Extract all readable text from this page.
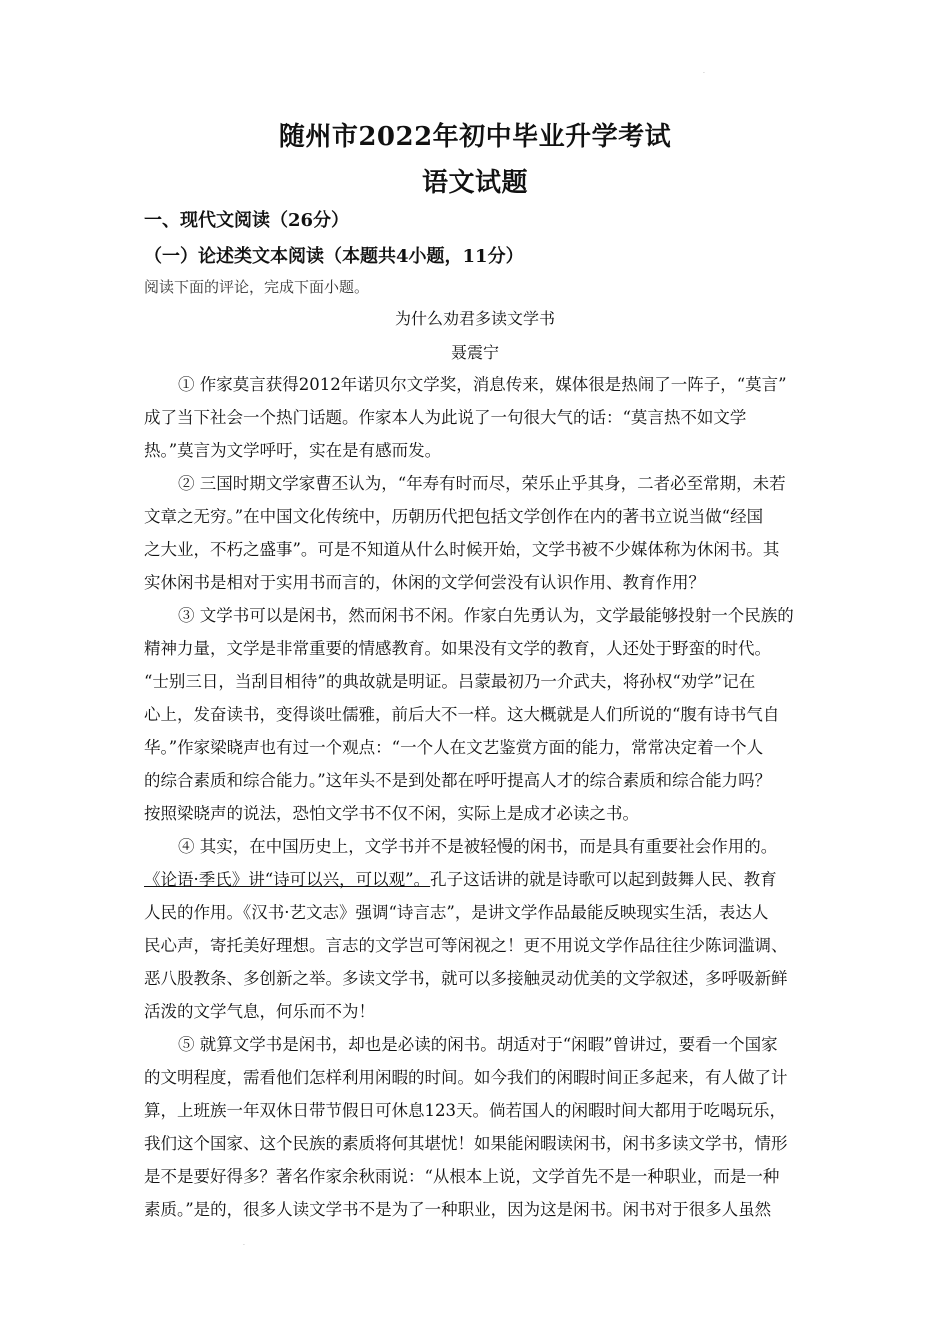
.
随州市2022年初中毕业升学考试
语文试题
一、现代文阅读（26分）
（一）论述类文本阅读（本题共4小题，11分）
阅读下面的评论，完成下面小题。
为什么劝君多读文学书
聂震宁
① 作家莫言获得2012年诺贝尔文学奖，消息传来，媒体很是热闹了一阵子，“莫言”
成了当下社会一个热门话题。作家本人为此说了一句很大气的话：“莫言热不如文学
热。”莫言为文学呼吁，实在是有感而发。
② 三国时期文学家曹丕认为，“年寿有时而尽，荣乐止乎其身，二者必至常期，未若
文章之无穷。”在中国文化传统中，历朝历代把包括文学创作在内的著书立说当做“经国
之大业，不朽之盛事”。可是不知道从什么时候开始，文学书被不少媒体称为休闲书。其
实休闲书是相对于实用书而言的，休闲的文学何尝没有认识作用、教育作用？
③ 文学书可以是闲书，然而闲书不闲。作家白先勇认为，文学最能够投射一个民族的
精神力量，文学是非常重要的情感教育。如果没有文学的教育，人还处于野蛮的时代。
“士别三日，当刮目相待”的典故就是明证。吕蒙最初乃一介武夫，将孙权“劝学”记在
心上，发奋读书，变得谈吐儒雅，前后大不一样。这大概就是人们所说的“腹有诗书气自
华。”作家梁晓声也有过一个观点：“一个人在文艺鉴赏方面的能力，常常决定着一个人
的综合素质和综合能力。”这年头不是到处都在呼吁提高人才的综合素质和综合能力吗？
按照梁晓声的说法，恐怕文学书不仅不闲，实际上是成才必读之书。
④ 其实，在中国历史上，文学书并不是被轻慢的闲书，而是具有重要社会作用的。
《论语·季氏》讲“诗可以兴，可以观”。孔子这话讲的就是诗歌可以起到鼓舞人民、教育
人民的作用。《汉书·艺文志》强调“诗言志”，是讲文学作品最能反映现实生活，表达人
民心声，寄托美好理想。言志的文学岂可等闲视之！更不用说文学作品往往少陈词滥调、
恶八股教条、多创新之举。多读文学书，就可以多接触灵动优美的文学叙述，多呼吸新鲜
活泼的文学气息，何乐而不为！
⑤ 就算文学书是闲书，却也是必读的闲书。胡适对于“闲暇”曾讲过，要看一个国家
的文明程度，需看他们怎样利用闲暇的时间。如今我们的闲暇时间正多起来，有人做了计
算，上班族一年双休日带节假日可休息123天。倘若国人的闲暇时间大都用于吃喝玩乐，
我们这个国家、这个民族的素质将何其堪忧！如果能闲暇读闲书，闲书多读文学书，情形
是不是要好得多？著名作家余秋雨说：“从根本上说，文学首先不是一种职业，而是一种
素质。”是的，很多人读文学书不是为了一种职业，因为这是闲书。闲书对于很多人虽然
.
